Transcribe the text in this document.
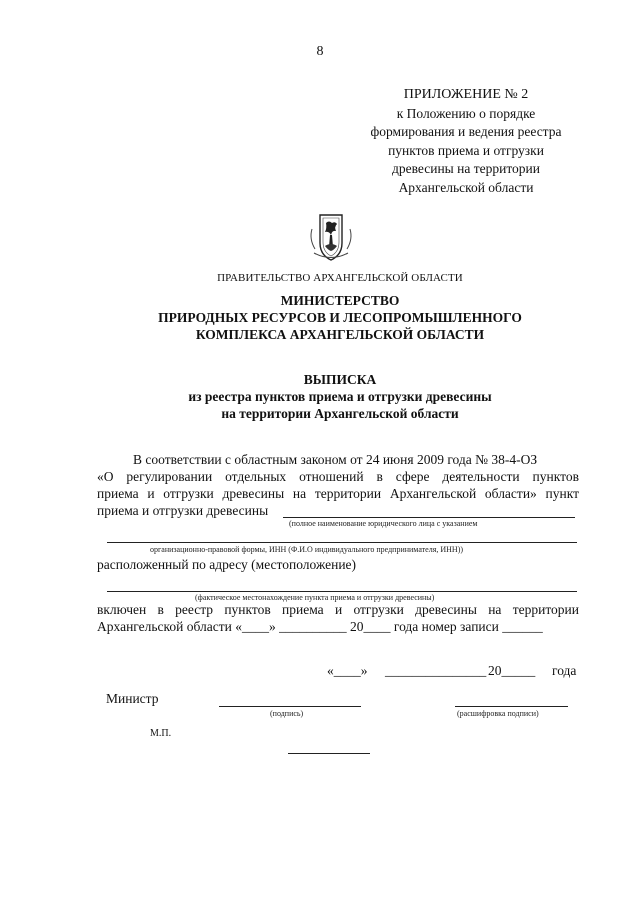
8
ПРИЛОЖЕНИЕ № 2
к Положению о порядке
формирования и ведения реестра
пунктов приема и отгрузки
древесины на территории
Архангельской области
ПРАВИТЕЛЬСТВО АРХАНГЕЛЬСКОЙ ОБЛАСТИ
МИНИСТЕРСТВО
ПРИРОДНЫХ РЕСУРСОВ И ЛЕСОПРОМЫШЛЕННОГО
КОМПЛЕКСА АРХАНГЕЛЬСКОЙ ОБЛАСТИ
ВЫПИСКА
из реестра пунктов приема и отгрузки древесины
на территории Архангельской области
В соответствии с областным законом от 24 июня 2009 года № 38-4-ОЗ
«О регулировании отдельных отношений в сфере деятельности пунктов
приема и отгрузки древесины на территории Архангельской области» пункт
приема и отгрузки древесины
(полное наименование юридического лица с указанием
организационно-правовой формы, ИНН (Ф.И.О индивидуального предпринимателя, ИНН))
расположенный по адресу (местоположение)
(фактическое местонахождение пункта приема и отгрузки древесины)
включен в реестр пунктов приема и отгрузки древесины на территории
Архангельской области «____» __________ 20____ года номер записи ______
«____» _______________ 20_____ года
Министр
(подпись)	(расшифровка подписи)
М.П.
